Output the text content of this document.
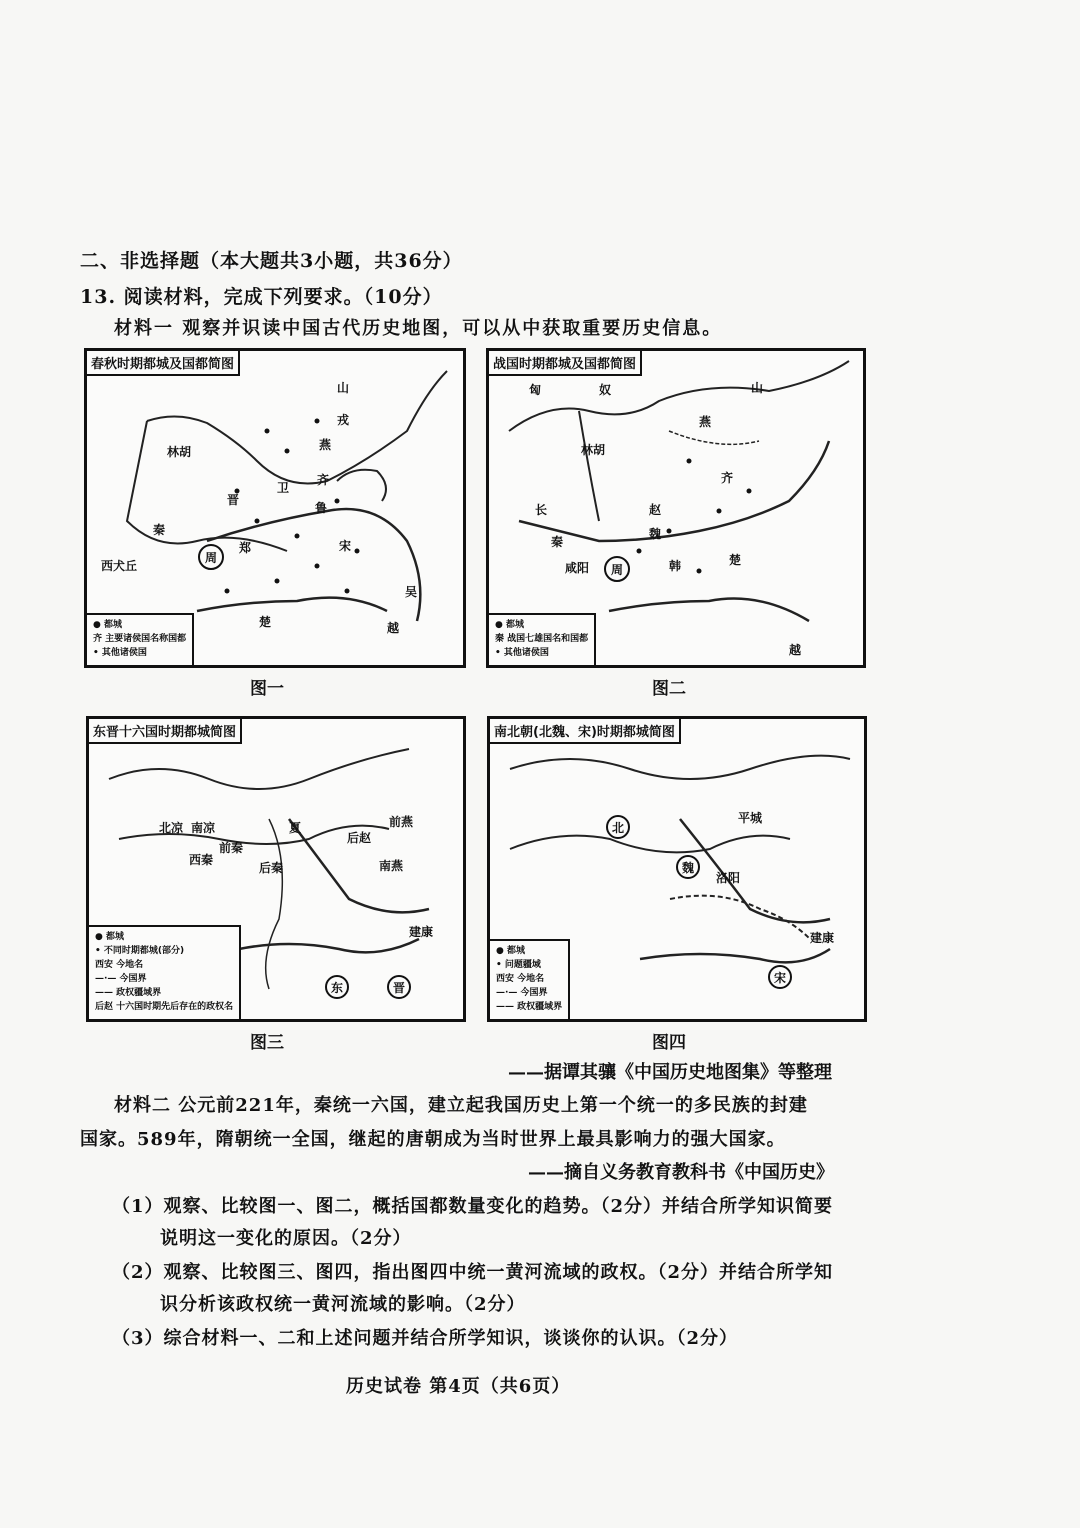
二、非选择题（本大题共3小题，共36分）
13. 阅读材料，完成下列要求。（10分）
材料一 观察并识读中国古代历史地图，可以从中获取重要历史信息。
春秋时期都城及国都简图
山
戎
燕
林胡
晋
卫
齐
秦
周
西犬丘
宋
楚
吴
越
鲁
郑
● 都城
齐 主要诸侯国名称国都
• 其他诸侯国
图一
战国时期都城及国都简图
匈	奴	山
燕
林胡
赵
齐
魏
秦
韩
周
楚
越
咸阳
长
● 都城
秦 战国七雄国名和国都
• 其他诸侯国
图二
东晋十六国时期都城简图
北凉 南凉
西秦
后秦
前秦
后赵
前燕
南燕
夏
建康
东	晋
● 都城
• 不同时期都城(部分)
西安 今地名
—·— 今国界
—— 政权疆域界
后赵 十六国时期先后存在的政权名
图三
南北朝(北魏、宋)时期都城简图
北
魏
平城
洛阳
建康
宋
● 都城
• 问题疆域
西安 今地名
—·— 今国界
—— 政权疆域界
图四
——据谭其骧《中国历史地图集》等整理
材料二 公元前221年，秦统一六国，建立起我国历史上第一个统一的多民族的封建
国家。589年，隋朝统一全国，继起的唐朝成为当时世界上最具影响力的强大国家。
——摘自义务教育教科书《中国历史》
（1）观察、比较图一、图二，概括国都数量变化的趋势。（2分）并结合所学知识简要
说明这一变化的原因。（2分）
（2）观察、比较图三、图四，指出图四中统一黄河流域的政权。（2分）并结合所学知
识分析该政权统一黄河流域的影响。（2分）
（3）综合材料一、二和上述问题并结合所学知识，谈谈你的认识。（2分）
历史试卷 第4页（共6页）
